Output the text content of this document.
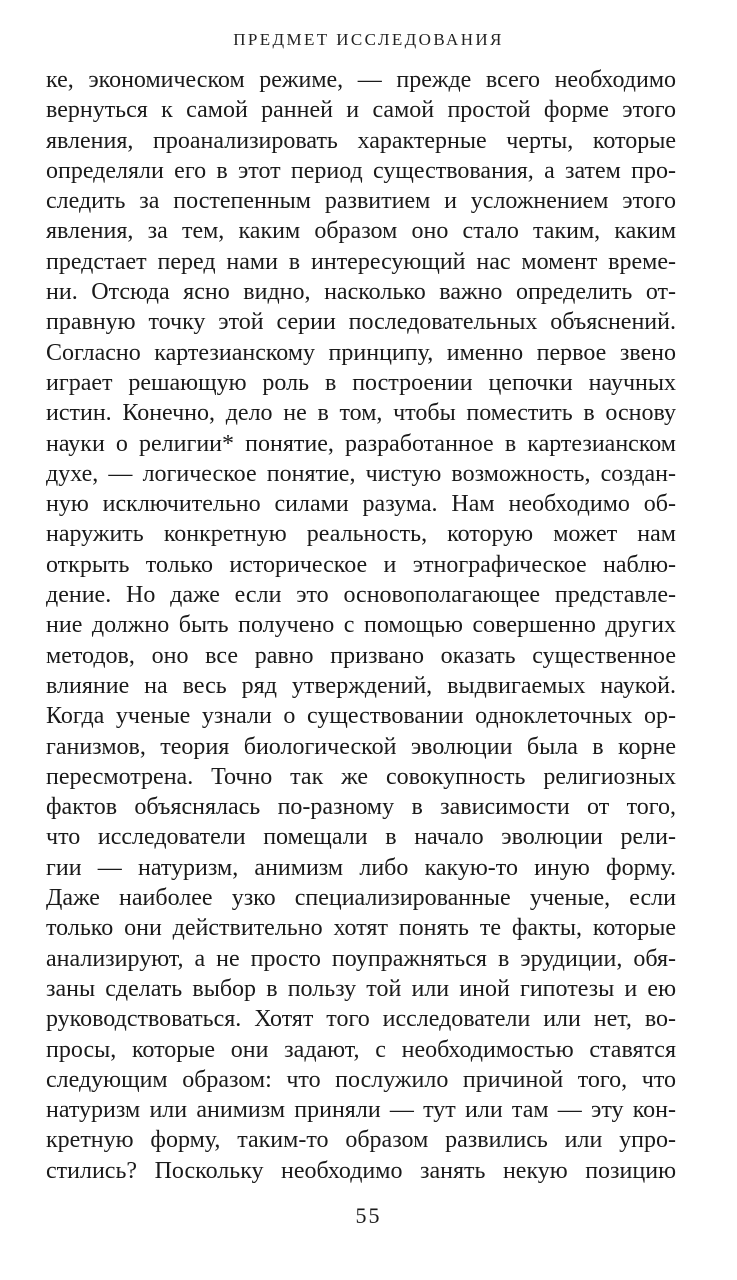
ПРЕДМЕТ ИССЛЕДОВАНИЯ
ке, экономическом режиме, — прежде всего необходимо
вернуться к самой ранней и самой простой форме этого
явления, проанализировать характерные черты, которые
определяли его в этот период существования, а затем про-
следить за постепенным развитием и усложнением этого
явления, за тем, каким образом оно стало таким, каким
предстает перед нами в интересующий нас момент време-
ни. Отсюда ясно видно, насколько важно определить от-
правную точку этой серии последовательных объяснений.
Согласно картезианскому принципу, именно первое звено
играет решающую роль в построении цепочки научных
истин. Конечно, дело не в том, чтобы поместить в основу
науки о религии* понятие, разработанное в картезианском
духе, — логическое понятие, чистую возможность, создан-
ную исключительно силами разума. Нам необходимо об-
наружить конкретную реальность, которую может нам
открыть только историческое и этнографическое наблю-
дение. Но даже если это основополагающее представле-
ние должно быть получено с помощью совершенно других
методов, оно все равно призвано оказать существенное
влияние на весь ряд утверждений, выдвигаемых наукой.
Когда ученые узнали о существовании одноклеточных ор-
ганизмов, теория биологической эволюции была в корне
пересмотрена. Точно так же совокупность религиозных
фактов объяснялась по-разному в зависимости от того,
что исследователи помещали в начало эволюции рели-
гии — натуризм, анимизм либо какую-то иную форму.
Даже наиболее узко специализированные ученые, если
только они действительно хотят понять те факты, которые
анализируют, а не просто поупражняться в эрудиции, обя-
заны сделать выбор в пользу той или иной гипотезы и ею
руководствоваться. Хотят того исследователи или нет, во-
просы, которые они задают, с необходимостью ставятся
следующим образом: что послужило причиной того, что
натуризм или анимизм приняли — тут или там — эту кон-
кретную форму, таким-то образом развились или упро-
стились? Поскольку необходимо занять некую позицию
55
